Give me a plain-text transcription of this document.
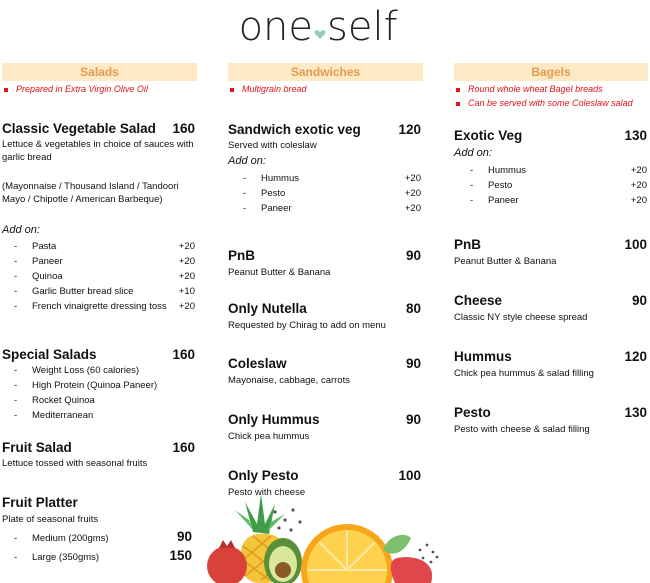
one self
Salads	Sandwiches	Bagels
Prepared in Extra Virgin Olive Oil
Classic Vegetable Salad	160
Lettuce & vegetables in choice of sauces with
garlic bread
(Mayonnaise / Thousand Island / Tandoori
Mayo / Chipotle / American Barbeque)
Add on:
- Pasta	+20
- Paneer	+20
- Quinoa	+20
- Garlic Butter bread slice	+10
- French vinaigrette dressing toss	+20
Special Salads	160
- Weight Loss (60 calories)
- High Protein (Quinoa Paneer)
- Rocket Quinoa
- Mediterranean
Fruit Salad	160
Lettuce tossed with seasonal fruits
Fruit Platter
Plate of seasonal fruits
- Medium (200gms)	90
- Large (350gms)	150
Multigrain bread
Sandwich exotic veg	120
Served with coleslaw
Add on:
- Hummus	+20
- Pesto	+20
- Paneer	+20
PnB	90
Peanut Butter & Banana
Only Nutella	80
Requested by Chirag to add on menu
Coleslaw	90
Mayonaise, cabbage, carrots
Only Hummus	90
Chick pea hummus
Only Pesto	100
Pesto with cheese
Round whole wheat Bagel breads
Can be served with some Coleslaw salad
Exotic Veg	130
Add on:
- Hummus	+20
- Pesto	+20
- Paneer	+20
PnB	100
Peanut Butter & Banana
Cheese	90
Classic NY style cheese spread
Hummus	120
Chick pea hummus & salad filling
Pesto	130
Pesto with cheese & salad filling
